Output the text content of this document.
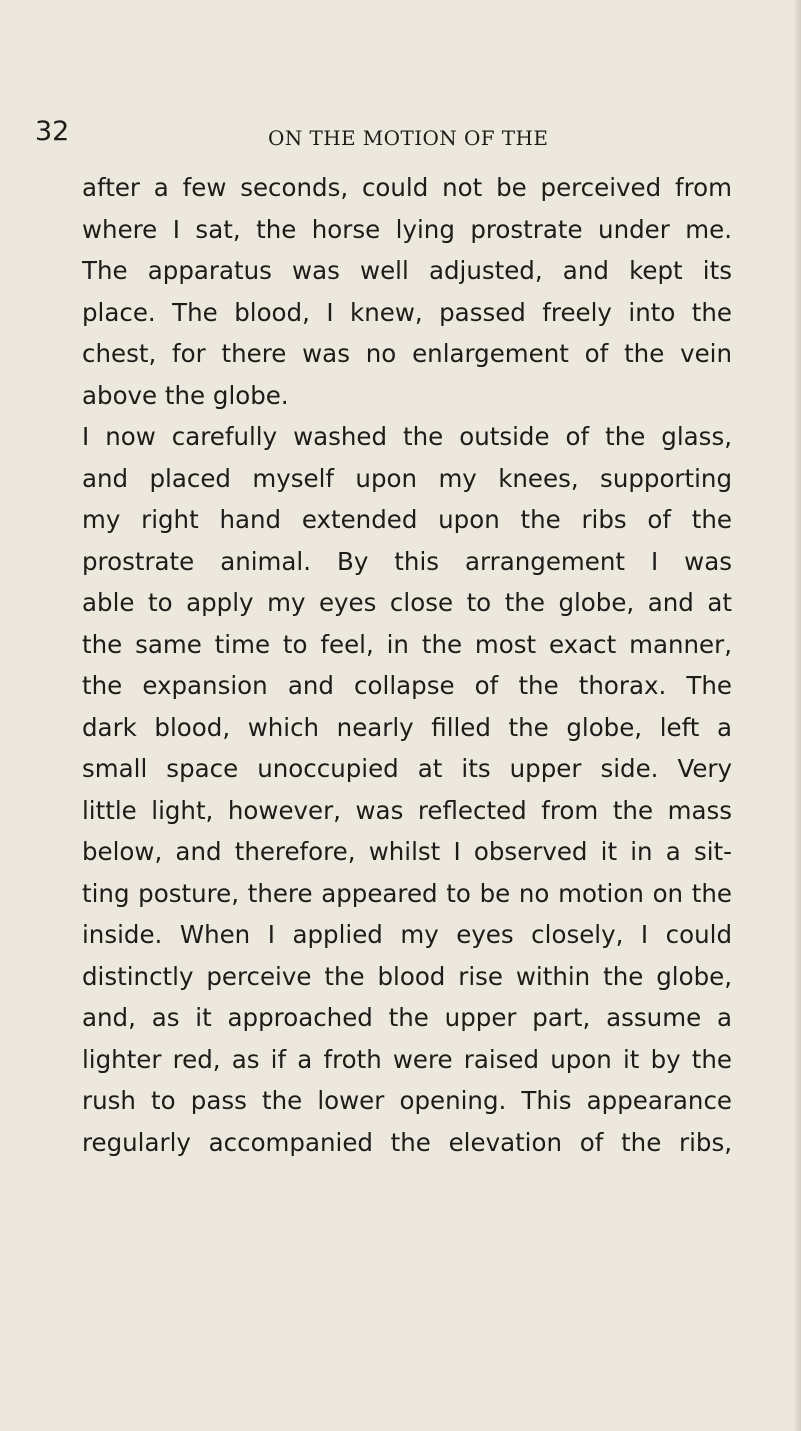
32	ON THE MOTION OF THE
after a few seconds, could not be perceived from
where I sat, the horse lying prostrate under me.
The apparatus was well adjusted, and kept its
place. The blood, I knew, passed freely into the
chest, for there was no enlargement of the vein
above the globe.
I now carefully washed the outside of the glass,
and placed myself upon my knees, supporting
my right hand extended upon the ribs of the
prostrate animal. By this arrangement I was
able to apply my eyes close to the globe, and at
the same time to feel, in the most exact manner,
the expansion and collapse of the thorax. The
dark blood, which nearly filled the globe, left a
small space unoccupied at its upper side. Very
little light, however, was reflected from the mass
below, and therefore, whilst I observed it in a sit-
ting posture, there appeared to be no motion on the
inside. When I applied my eyes closely, I could
distinctly perceive the blood rise within the globe,
and, as it approached the upper part, assume a
lighter red, as if a froth were raised upon it by the
rush to pass the lower opening. This appearance
regularly accompanied the elevation of the ribs,
